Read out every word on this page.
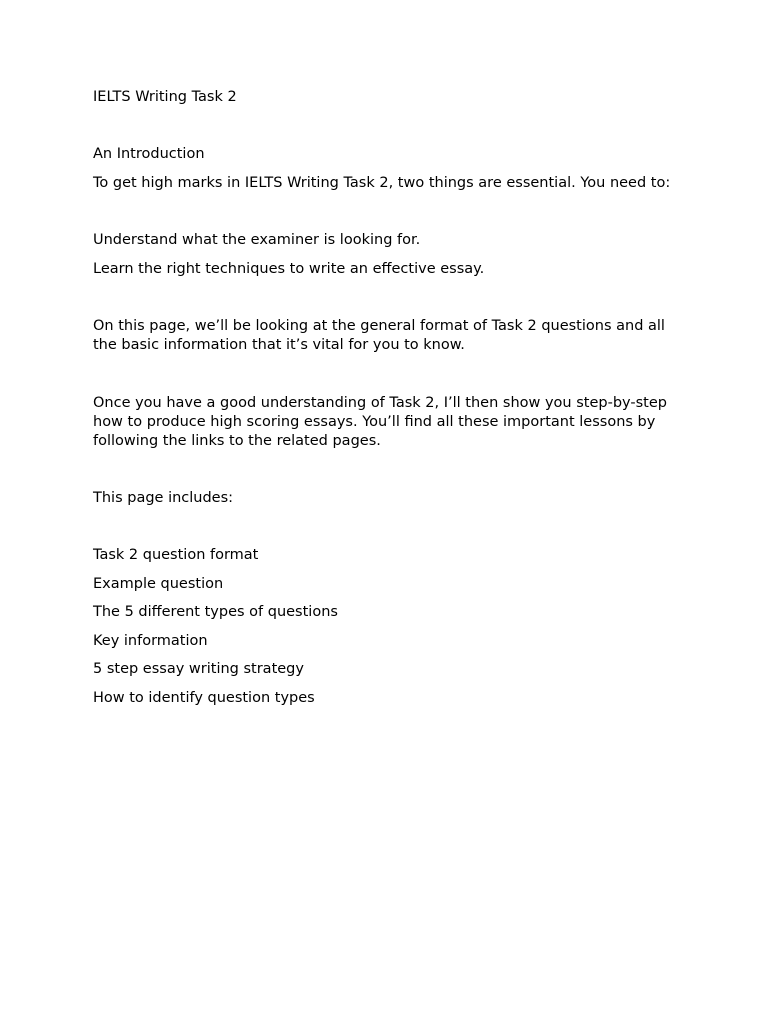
IELTS Writing Task 2

An Introduction

To get high marks in IELTS Writing Task 2, two things are essential. You need to:

Understand what the examiner is looking for.

Learn the right techniques to write an effective essay.

On this page, we’ll be looking at the general format of Task 2 questions and all the basic information that it’s vital for you to know.

Once you have a good understanding of Task 2, I’ll then show you step-by-step how to produce high scoring essays. You’ll find all these important lessons by following the links to the related pages.

This page includes:

Task 2 question format
Example question
The 5 different types of questions
Key information
5 step essay writing strategy
How to identify question types
